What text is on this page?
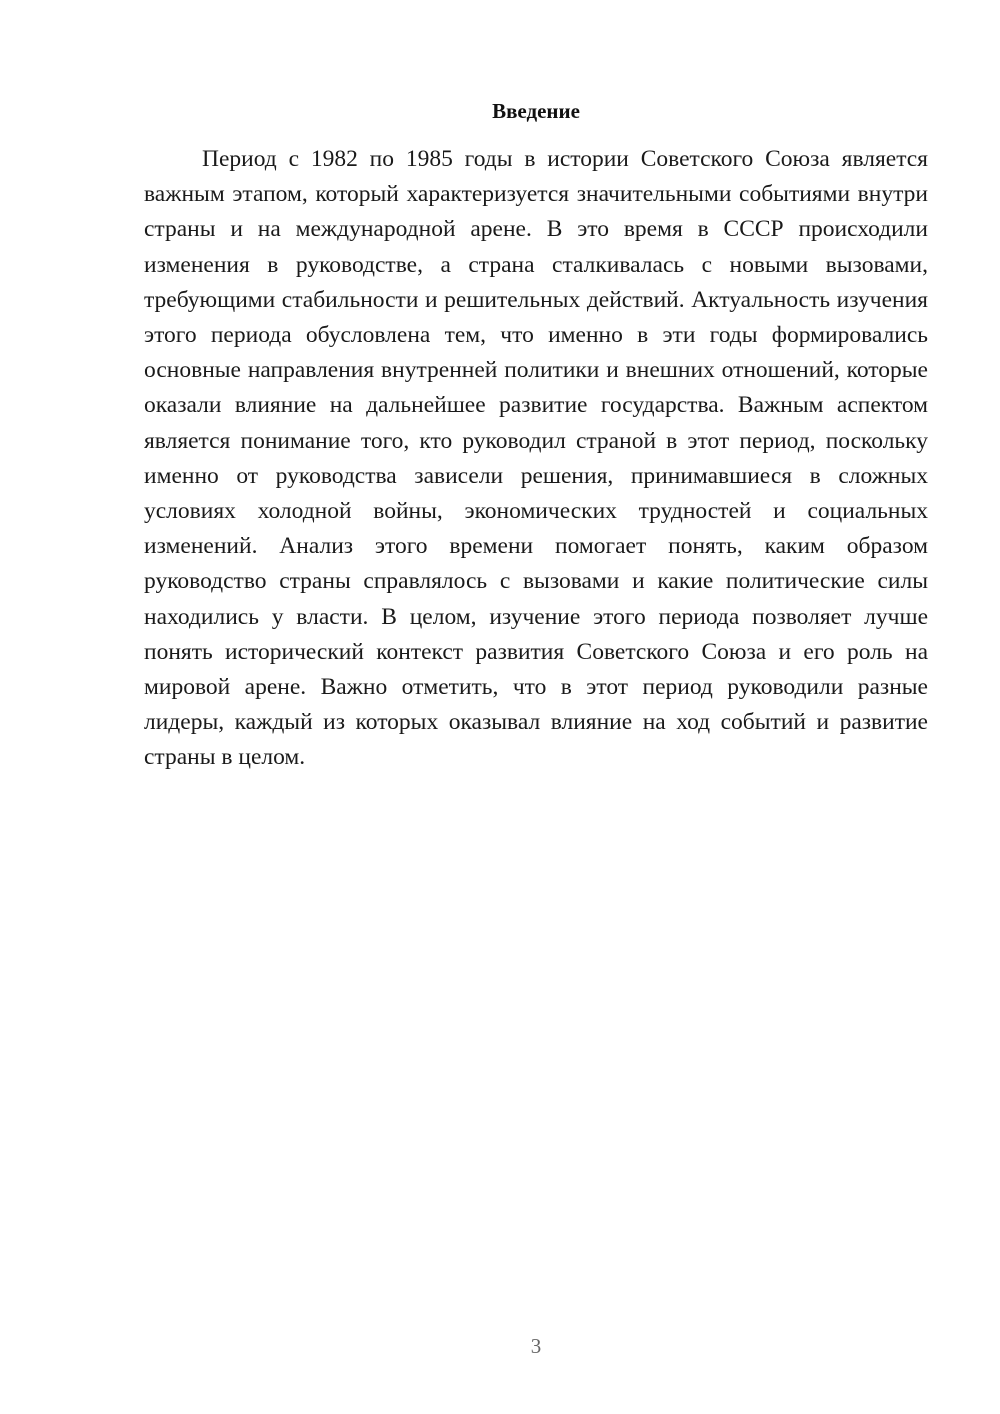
Введение

Период с 1982 по 1985 годы в истории Советского Союза является важным этапом, который характеризуется значительными событиями внутри страны и на международной арене. В это время в СССР происходили изменения в руководстве, а страна сталкивалась с новыми вызовами, требующими стабильности и решительных действий. Актуальность изучения этого периода обусловлена тем, что именно в эти годы формировались основные направления внутренней политики и внешних отношений, которые оказали влияние на дальнейшее развитие государства. Важным аспектом является понимание того, кто руководил страной в этот период, поскольку именно от руководства зависели решения, принимавшиеся в сложных условиях холодной войны, экономических трудностей и социальных изменений. Анализ этого времени помогает понять, каким образом руководство страны справлялось с вызовами и какие политические силы находились у власти. В целом, изучение этого периода позволяет лучше понять исторический контекст развития Советского Союза и его роль на мировой арене. Важно отметить, что в этот период руководили разные лидеры, каждый из которых оказывал влияние на ход событий и развитие страны в целом.

3
